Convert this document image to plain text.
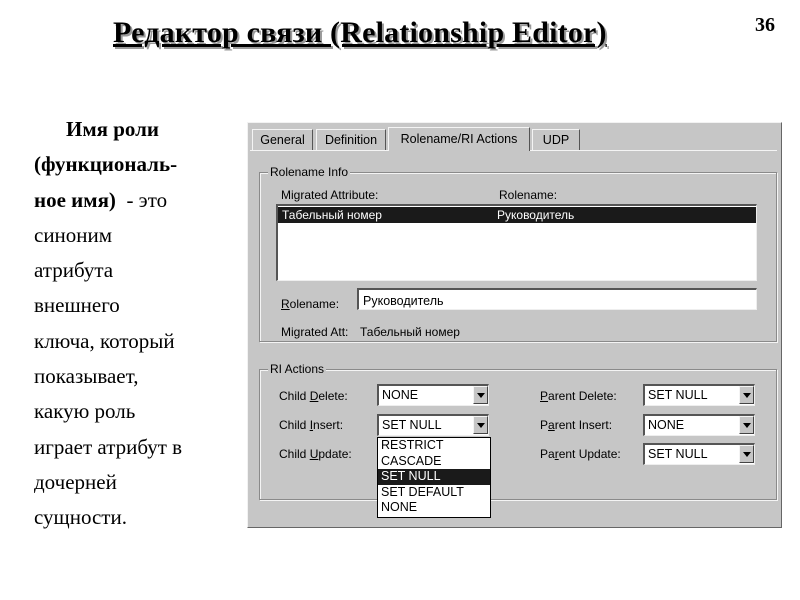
Редактор связи (Relationship Editor)	36
Имя роли
(функциональ-
ное имя)  - это
синоним
атрибута
внешнего
ключа, который
показывает,
какую роль
играет атрибут в
дочерней
сущности.
General	Definition	Rolename/RI Actions	UDP
Rolename Info
Migrated Attribute:	Rolename:
Табельный номер	Руководитель
Rolename:	Руководитель
Migrated Att: Табельный номер
RI Actions
Child Delete:	NONE
Child Insert:	SET NULL
Child Update:
Parent Delete:	SET NULL
Parent Insert:	NONE
Parent Update: SET NULL
RESTRICT
CASCADE
SET NULL
SET DEFAULT
NONE
